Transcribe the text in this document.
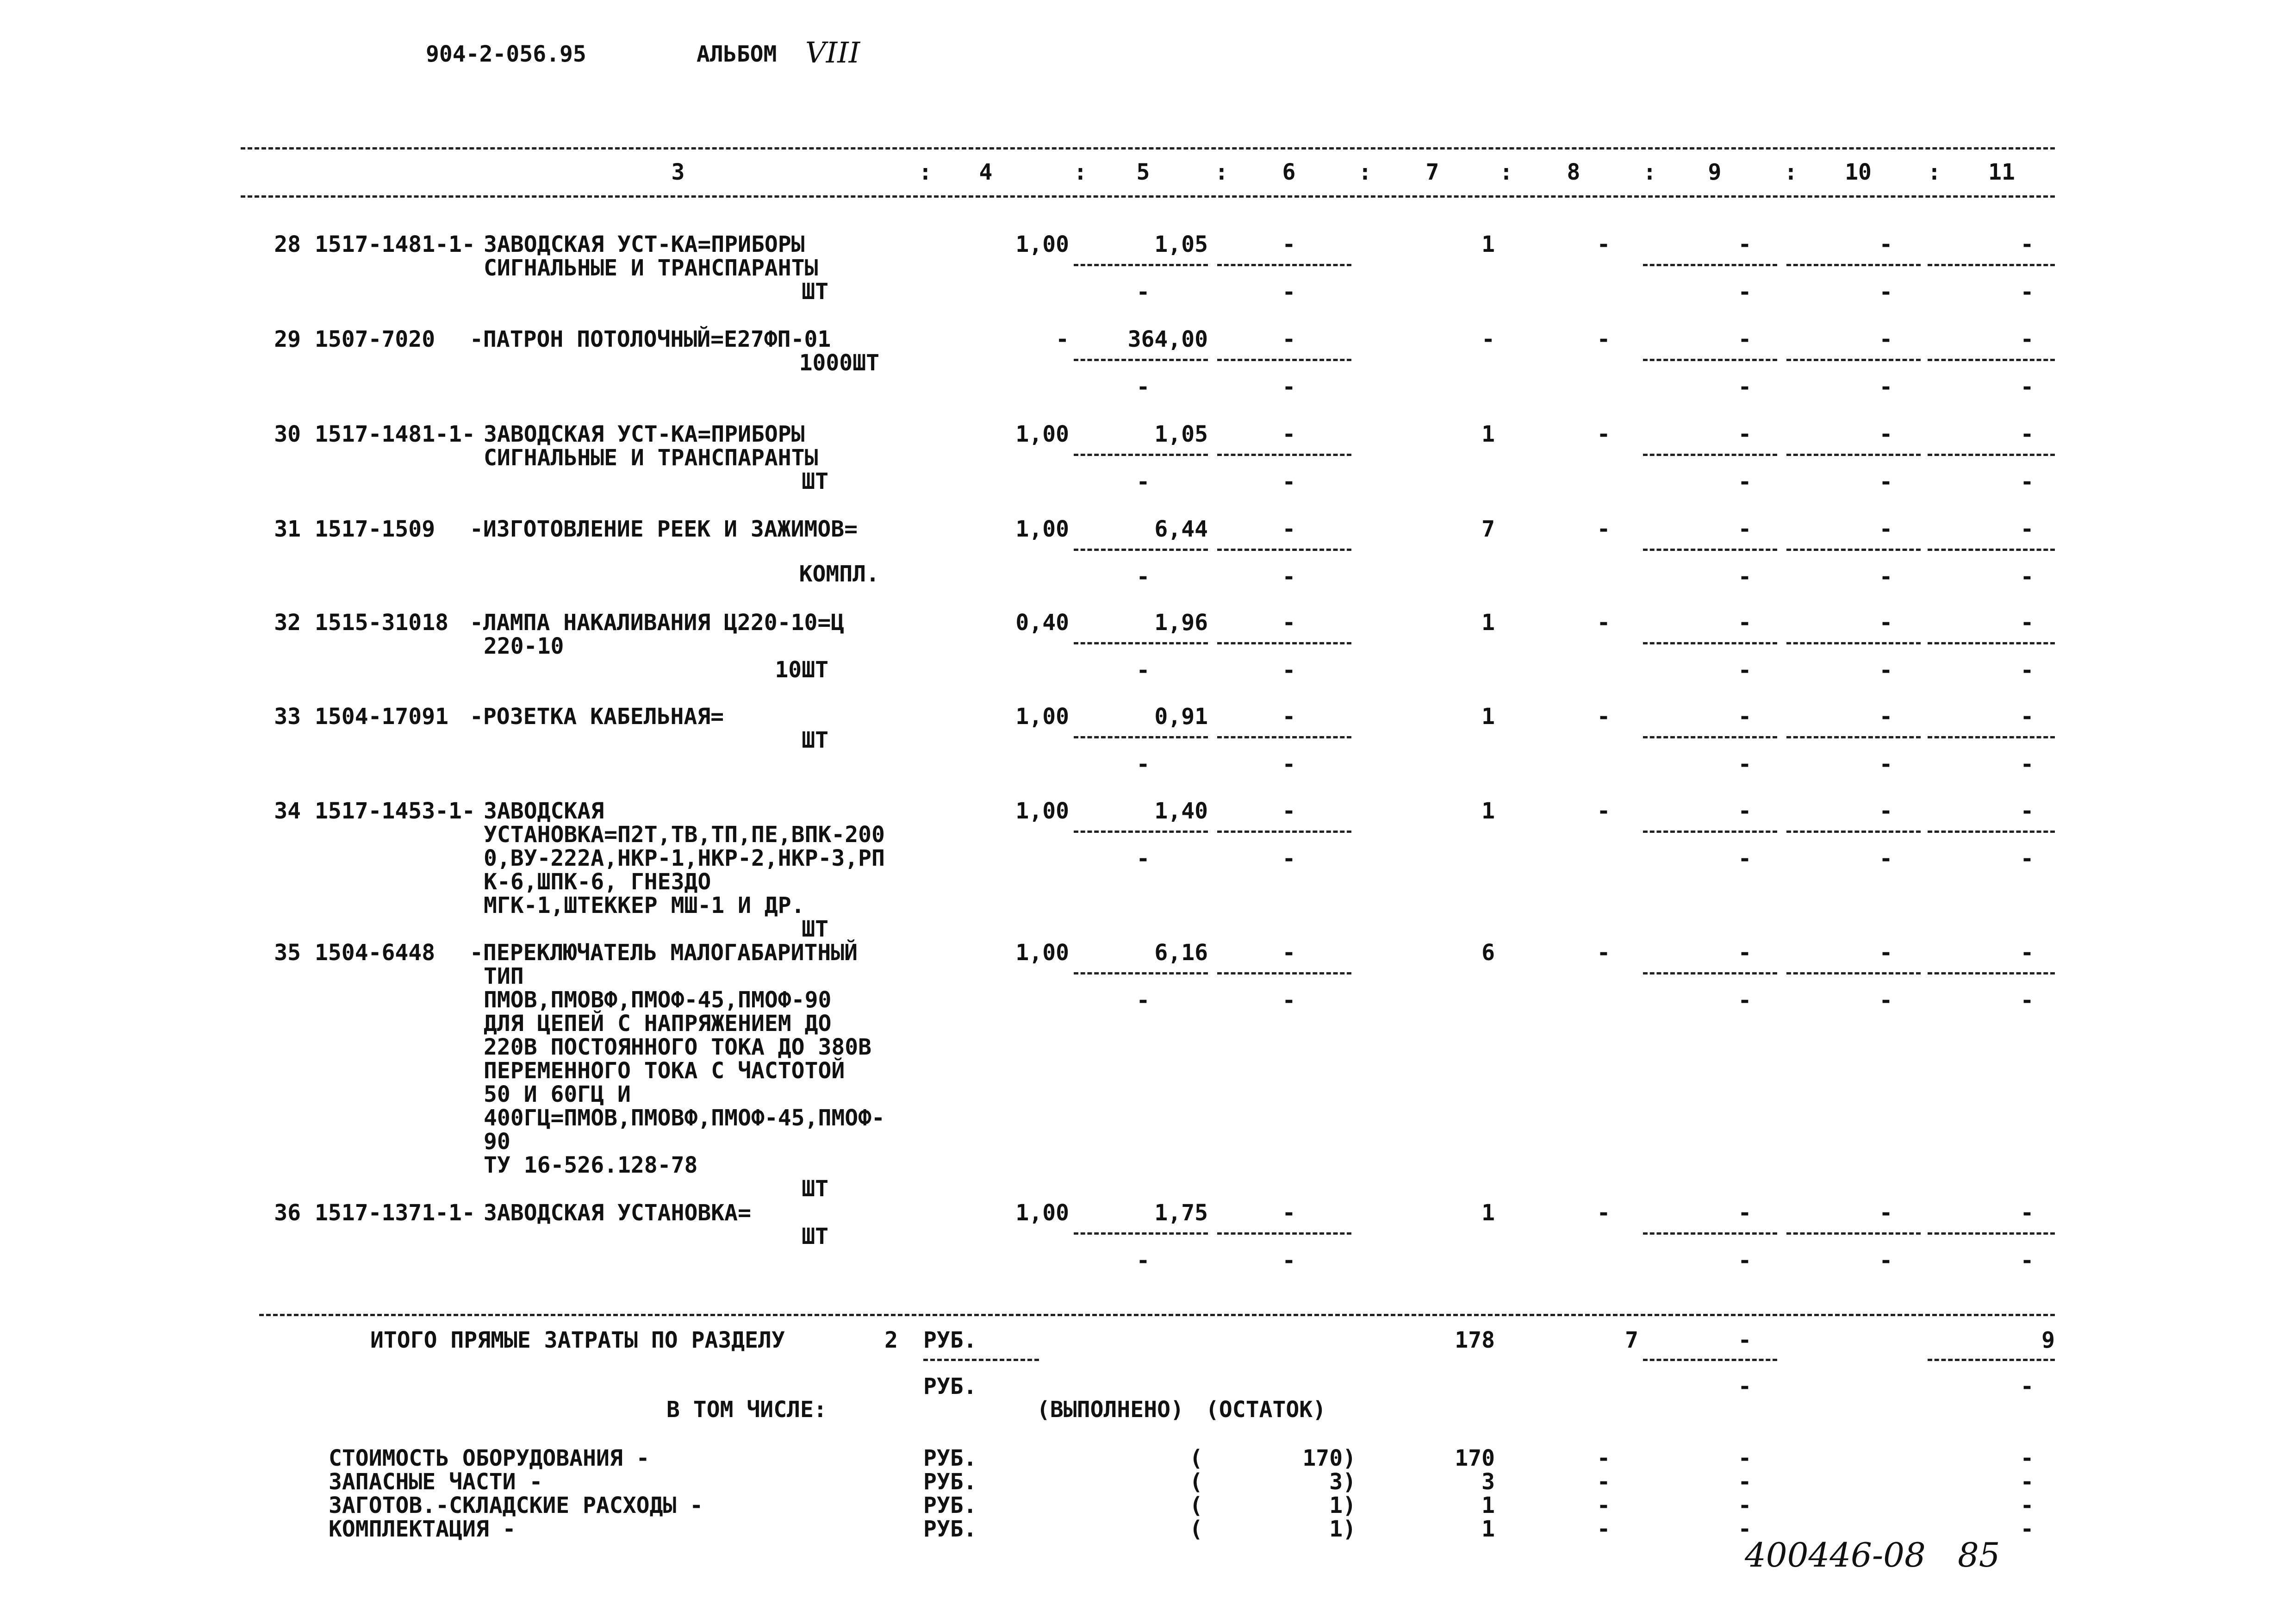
904-2-056.95	АЛЬБОМ VIII
3	4	5	6	7	8	9	10	11
:	:	:	:	:	:	:	:
28 1517-1481-1- ЗАВОДСКАЯ УСТ-КА=ПРИБОРЫ
СИГНАЛЬНЫЕ И ТРАНСПАРАНТЫ
ШТ
1,00	1,05	-	1	-	-	-	-
-	-	-	-	-
29 1507-7020 -ПАТРОН ПОТОЛОЧНЫЙ=Е27ФП-01
1000ШТ
-	364,00	-	-	-	-	-	-
-	-	-	-	-
30 1517-1481-1- ЗАВОДСКАЯ УСТ-КА=ПРИБОРЫ
СИГНАЛЬНЫЕ И ТРАНСПАРАНТЫ
ШТ
1,00	1,05	-	1	-	-	-	-
-	-	-	-	-
31 1517-1509 -ИЗГОТОВЛЕНИЕ РЕЕК И ЗАЖИМОВ=
КОМПЛ.
1,00	6,44	-	7	-	-	-	-
-	-	-	-	-
32 1515-31018 -ЛАМПА НАКАЛИВАНИЯ Ц220-10=Ц
220-10
10ШТ
0,40	1,96	-	1	-	-	-	-
-	-	-	-	-
33 1504-17091 -РОЗЕТКА КАБЕЛЬНАЯ=
ШТ
1,00	0,91	-	1	-	-	-	-
-	-	-	-	-
34 1517-1453-1- ЗАВОДСКАЯ
УСТАНОВКА=П2Т,ТВ,ТП,ПЕ,ВПК-200
0,ВУ-222А,НКР-1,НКР-2,НКР-3,РП
К-6,ШПК-6, ГНЕЗДО
МГК-1,ШТЕККЕР МШ-1 И ДР.
ШТ
1,00	1,40	-	1	-	-	-	-
-	-	-	-	-
35 1504-6448 -ПЕРЕКЛЮЧАТЕЛЬ МАЛОГАБАРИТНЫЙ
ТИП
ПМОВ,ПМОВФ,ПМОФ-45,ПМОФ-90
ДЛЯ ЦЕПЕЙ С НАПРЯЖЕНИЕМ ДО
220В ПОСТОЯННОГО ТОКА ДО 380В
ПЕРЕМЕННОГО ТОКА С ЧАСТОТОЙ
50 И 60ГЦ И
400ГЦ=ПМОВ,ПМОВФ,ПМОФ-45,ПМОФ-
90
ТУ 16-526.128-78
ШТ
1,00	6,16	-	6	-	-	-	-
-	-	-	-	-
36 1517-1371-1- ЗАВОДСКАЯ УСТАНОВКА=
ШТ
1,00	1,75	-	1	-	-	-	-
-	-	-	-	-
ИТОГО ПРЯМЫЕ ЗАТРАТЫ ПО РАЗДЕЛУ	2 РУБ.	178	7	-	9
РУБ.	-	-
В ТОМ ЧИСЛЕ:	(ВЫПОЛНЕНО) (ОСТАТОК)
СТОИМОСТЬ ОБОРУДОВАНИЯ -	РУБ.	(	170)	170	-	-	-
ЗАПАСНЫЕ ЧАСТИ -	РУБ.	(	3)	3	-	-	-
ЗАГОТОВ.-СКЛАДСКИЕ РАСХОДЫ -	РУБ.	(	1)	1	-	-	-
КОМПЛЕКТАЦИЯ -	РУБ.	(	1)	1	-	-	-
400446-08 85
